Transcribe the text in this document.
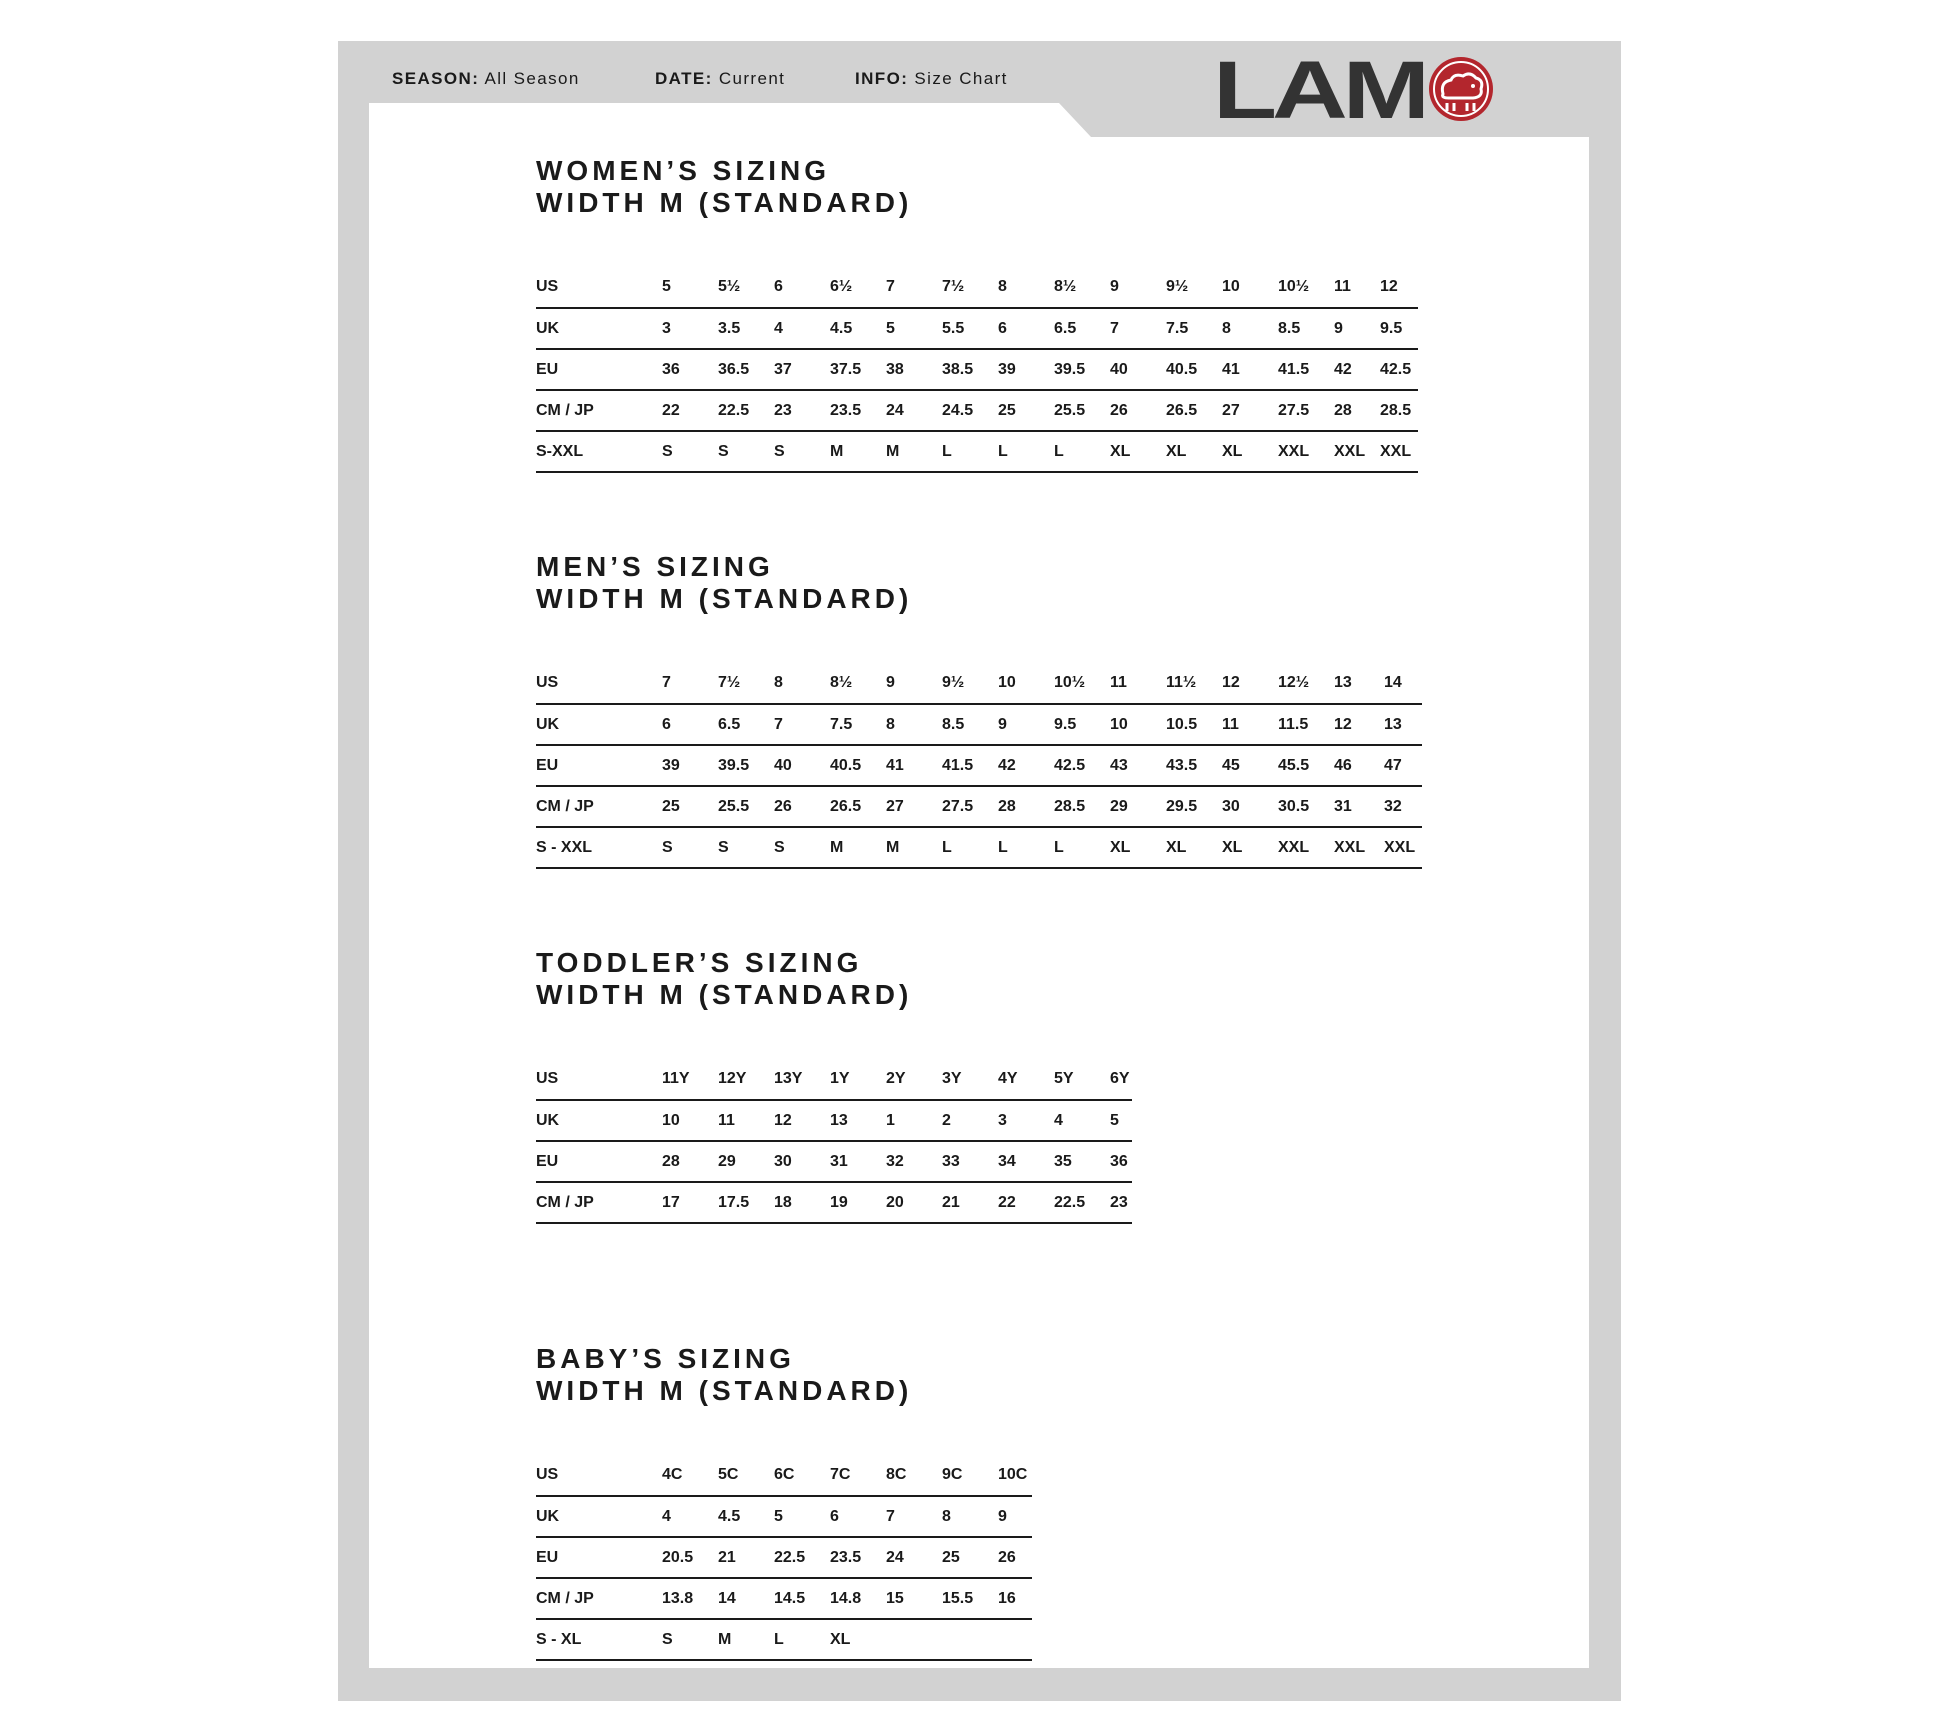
SEASON: All Season	DATE: Current	INFO: Size Chart	LAM
WOMEN’S SIZING
WIDTH M (STANDARD)
US	5	5½	6	6½	7	7½	8	8½	9	9½	10	10½	11	12
UK	3	3.5	4	4.5	5	5.5	6	6.5	7	7.5	8	8.5	9	9.5
EU	36	36.5	37	37.5	38	38.5	39	39.5	40	40.5	41	41.5	42	42.5
CM / JP	22	22.5	23	23.5	24	24.5	25	25.5	26	26.5	27	27.5	28	28.5
S-XXL	S	S	S	M	M	L	L	L	XL	XL	XL	XXL	XXL	XXL
MEN’S SIZING
WIDTH M (STANDARD)
US	7	7½	8	8½	9	9½	10	10½	11	11½	12	12½	13	14
UK	6	6.5	7	7.5	8	8.5	9	9.5	10	10.5	11	11.5	12	13
EU	39	39.5	40	40.5	41	41.5	42	42.5	43	43.5	45	45.5	46	47
CM / JP	25	25.5	26	26.5	27	27.5	28	28.5	29	29.5	30	30.5	31	32
S - XXL	S	S	S	M	M	L	L	L	XL	XL	XL	XXL	XXL	XXL
TODDLER’S SIZING
WIDTH M (STANDARD)
US	11Y	12Y	13Y	1Y	2Y	3Y	4Y	5Y	6Y
UK	10	11	12	13	1	2	3	4	5
EU	28	29	30	31	32	33	34	35	36
CM / JP	17	17.5	18	19	20	21	22	22.5	23
BABY’S SIZING
WIDTH M (STANDARD)
US	4C	5C	6C	7C	8C	9C	10C
UK	4	4.5	5	6	7	8	9
EU	20.5	21	22.5	23.5	24	25	26
CM / JP	13.8	14	14.5	14.8	15	15.5	16
S - XL	S	M	L	XL			
